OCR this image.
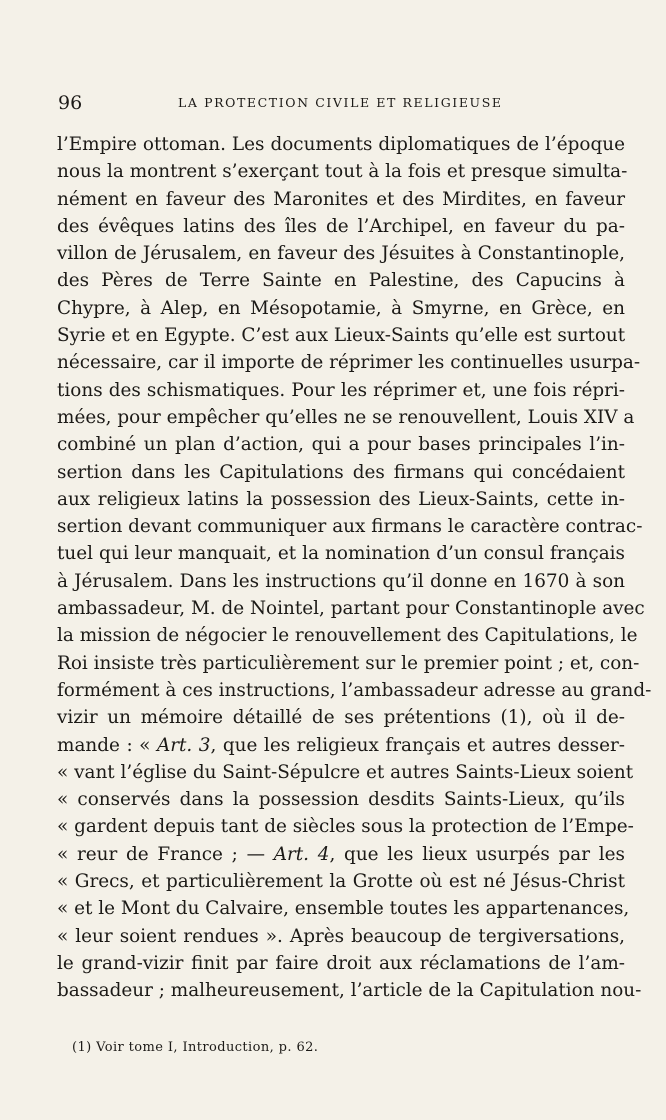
96	LA PROTECTION CIVILE ET RELIGIEUSE
l’Empire ottoman. Les documents diplomatiques de l’époque
nous la montrent s’exerçant tout à la fois et presque simulta-
nément en faveur des Maronites et des Mirdites, en faveur
des évêques latins des îles de l’Archipel, en faveur du pa-
villon de Jérusalem, en faveur des Jésuites à Constantinople,
des Pères de Terre Sainte en Palestine, des Capucins à
Chypre, à Alep, en Mésopotamie, à Smyrne, en Grèce, en
Syrie et en Egypte. C’est aux Lieux-Saints qu’elle est surtout
nécessaire, car il importe de réprimer les continuelles usurpa-
tions des schismatiques. Pour les réprimer et, une fois répri-
mées, pour empêcher qu’elles ne se renouvellent, Louis XIV a
combiné un plan d’action, qui a pour bases principales l’in-
sertion dans les Capitulations des firmans qui concédaient
aux religieux latins la possession des Lieux-Saints, cette in-
sertion devant communiquer aux firmans le caractère contrac-
tuel qui leur manquait, et la nomination d’un consul français
à Jérusalem. Dans les instructions qu’il donne en 1670 à son
ambassadeur, M. de Nointel, partant pour Constantinople avec
la mission de négocier le renouvellement des Capitulations, le
Roi insiste très particulièrement sur le premier point ; et, con-
formément à ces instructions, l’ambassadeur adresse au grand-
vizir un mémoire détaillé de ses prétentions (1), où il de-
mande : « Art. 3, que les religieux français et autres desser-
« vant l’église du Saint-Sépulcre et autres Saints-Lieux soient
« conservés dans la possession desdits Saints-Lieux, qu’ils
« gardent depuis tant de siècles sous la protection de l’Empe-
« reur de France ; — Art. 4, que les lieux usurpés par les
« Grecs, et particulièrement la Grotte où est né Jésus-Christ
« et le Mont du Calvaire, ensemble toutes les appartenances,
« leur soient rendues ». Après beaucoup de tergiversations,
le grand-vizir finit par faire droit aux réclamations de l’am-
bassadeur ; malheureusement, l’article de la Capitulation nou-
(1) Voir tome I, Introduction, p. 62.
